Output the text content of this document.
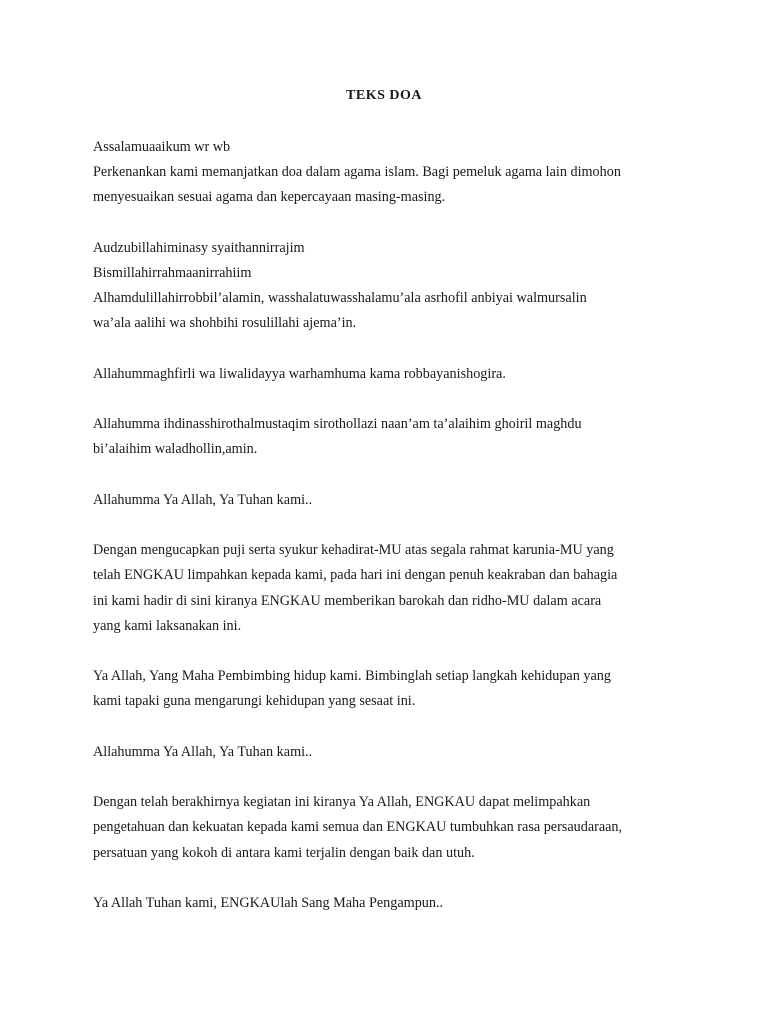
TEKS DOA

Assalamuaaikum wr wb
Perkenankan kami memanjatkan doa dalam agama islam. Bagi pemeluk agama lain dimohon
menyesuaikan sesuai agama dan kepercayaan masing-masing.

Audzubillahiminasy syaithannirrajim
Bismillahirrahmaanirrahiim
Alhamdulillahirrobbil’alamin, wasshalatuwasshalamu’ala asrhofil anbiyai walmursalin
wa’ala aalihi wa shohbihi rosulillahi ajema’in.

Allahummaghfirli wa liwalidayya warhamhuma kama robbayanishogira.

Allahumma ihdinasshirothalmustaqim sirothollazi naan’am ta’alaihim ghoiril maghdu
bi’alaihim waladhollin,amin.

Allahumma Ya Allah, Ya Tuhan kami..

Dengan mengucapkan puji serta syukur kehadirat-MU atas segala rahmat karunia-MU yang
telah ENGKAU limpahkan kepada kami, pada hari ini dengan penuh keakraban dan bahagia
ini kami hadir di sini kiranya ENGKAU memberikan barokah dan ridho-MU dalam acara
yang kami laksanakan ini.

Ya Allah, Yang Maha Pembimbing hidup kami. Bimbinglah setiap langkah kehidupan yang
kami tapaki guna mengarungi kehidupan yang sesaat ini.

Allahumma Ya Allah, Ya Tuhan kami..

Dengan telah berakhirnya kegiatan ini kiranya Ya Allah, ENGKAU dapat melimpahkan
pengetahuan dan kekuatan kepada kami semua dan ENGKAU tumbuhkan rasa persaudaraan,
persatuan yang kokoh di antara kami terjalin dengan baik dan utuh.

Ya Allah Tuhan kami, ENGKAUlah Sang Maha Pengampun..
